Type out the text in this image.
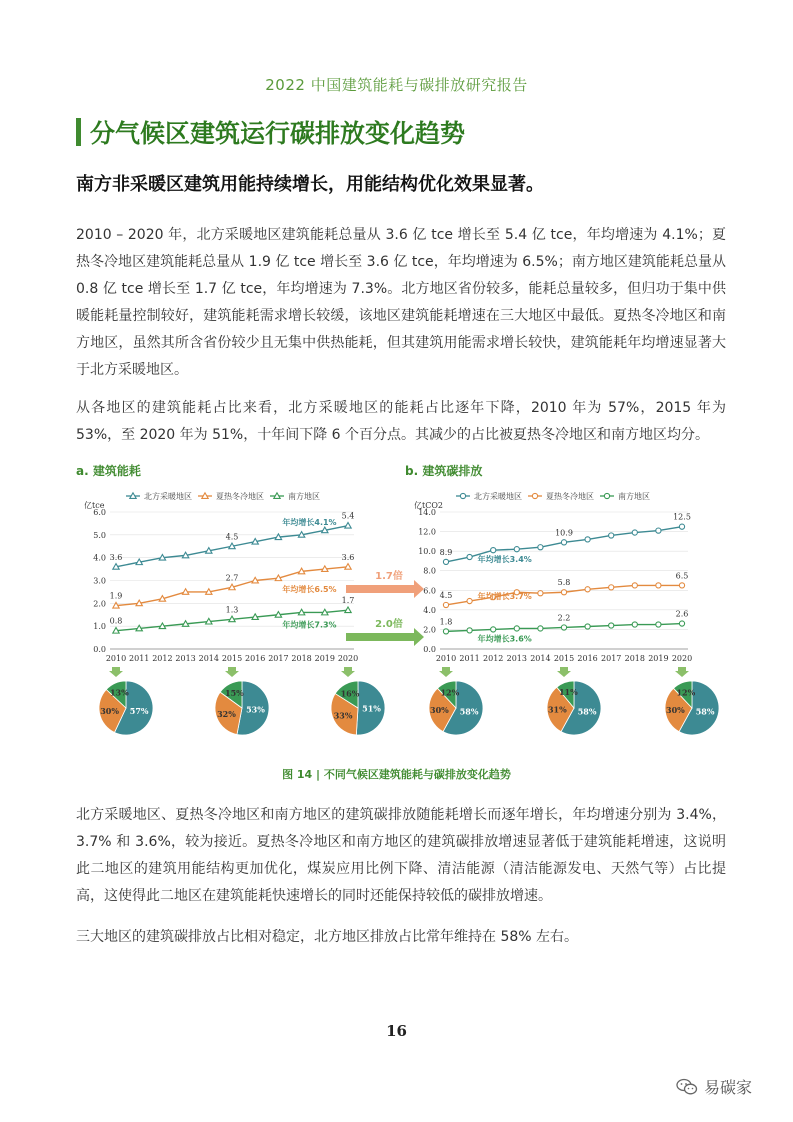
2022 中国建筑能耗与碳排放研究报告
分气候区建筑运行碳排放变化趋势
南方非采暖区建筑用能持续增长，用能结构优化效果显著。
2010 – 2020 年，北方采暖地区建筑能耗总量从 3.6 亿 tce 增长至 5.4 亿 tce，年均增速为 4.1%；夏热冬冷地区建筑能耗总量从 1.9 亿 tce 增长至 3.6 亿 tce，年均增速为 6.5%；南方地区建筑能耗总量从 0.8 亿 tce 增长至 1.7 亿 tce，年均增速为 7.3%。北方地区省份较多，能耗总量较多，但归功于集中供暖能耗量控制较好，建筑能耗需求增长较缓，该地区建筑能耗增速在三大地区中最低。夏热冬冷地区和南方地区，虽然其所含省份较少且无集中供热能耗，但其建筑用能需求增长较快，建筑能耗年均增速显著大于北方采暖地区。
从各地区的建筑能耗占比来看，北方采暖地区的能耗占比逐年下降，2010 年为 57%，2015 年为 53%，至 2020 年为 51%，十年间下降 6 个百分点。其减少的占比被夏热冬冷地区和南方地区均分。
a. 建筑能耗	b. 建筑碳排放
北方采暖地区	夏热冬冷地区	南方地区
亿tce
0.0
1.0
2.0
3.0
4.0
5.0
6.0
2010 2011 2012 2013 2014 2015 2016 2017 2018 2019 2020
3.6
4.5
5.4
年均增长4.1%
1.9
2.7
3.6
年均增长6.5%
0.8
1.3
1.7
年均增长7.3%
57%
30%
13%
53%
32%
15%
51%
33%
16%
北方采暖地区	夏热冬冷地区	南方地区
亿tCO2
0.0
2.0
4.0
6.0
8.0
10.0
12.0
14.0
2010 2011 2012 2013 2014 2015 2016 2017 2018 2019 2020
8.9
10.9
12.5
年均增长3.4%
4.5
5.8
6.5
年均增长3.7%
1.8	2.2	2.6
年均增长3.6%
58%
30%
12%
58%
31%
11%
58%
30%
12%
1.7倍
2.0倍
图 14 | 不同气候区建筑能耗与碳排放变化趋势
北方采暖地区、夏热冬冷地区和南方地区的建筑碳排放随能耗增长而逐年增长，年均增速分别为 3.4%，3.7% 和 3.6%，较为接近。夏热冬冷地区和南方地区的建筑碳排放增速显著低于建筑能耗增速，这说明此二地区的建筑用能结构更加优化，煤炭应用比例下降、清洁能源（清洁能源发电、天然气等）占比提高，这使得此二地区在建筑能耗快速增长的同时还能保持较低的碳排放增速。
三大地区的建筑碳排放占比相对稳定，北方地区排放占比常年维持在 58% 左右。
16
易碳家
